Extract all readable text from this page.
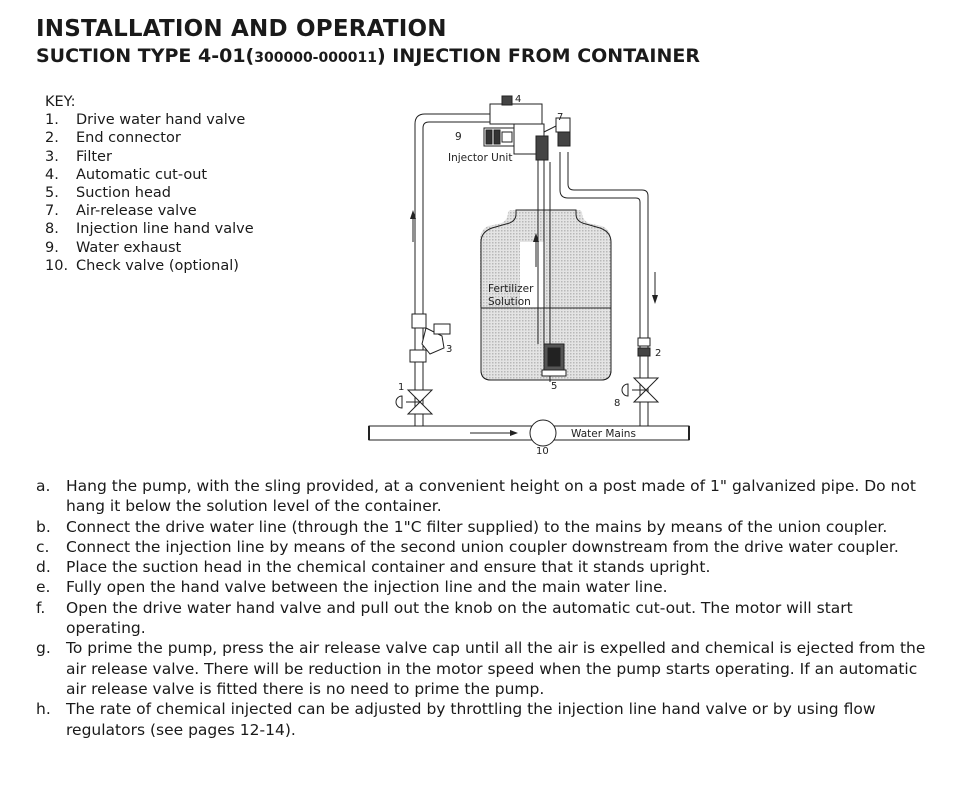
INSTALLATION AND OPERATION
SUCTION TYPE 4-01(300000-000011) INJECTION FROM CONTAINER
KEY:
1.	Drive water hand valve
2.	End connector
3.	Filter
4.	Automatic cut-out
5.	Suction head
7.	Air-release valve
8.	Injection line hand valve
9.	Water exhaust
10. Check valve (optional)
Water Mains
10
1
3	2
8
Fertilizer
Solution
5
4
7
9
Injector Unit
a.	Hang the pump, with the sling provided, at a convenient height on a post made of 1" galvanized pipe. Do not hang it below the solution level of the container.
b. Connect the drive water line (through the 1"C filter supplied) to the mains by means of the union coupler.
c.	Connect the injection line by means of the second union coupler downstream from the drive water coupler.
d. Place the suction head in the chemical container and ensure that it stands upright.
e.	Fully open the hand valve between the injection line and the main water line.
f.	Open the drive water hand valve and pull out the knob on the automatic cut-out. The motor will start operating.
g. To prime the pump, press the air release valve cap until all the air is expelled and chemical is ejected from the air release valve. There will be reduction in the motor speed when the pump starts operating. If an automatic air release valve is fitted there is no need to prime the pump.
h. The rate of chemical injected can be adjusted by throttling the injection line hand valve or by using flow regulators (see pages 12-14).
